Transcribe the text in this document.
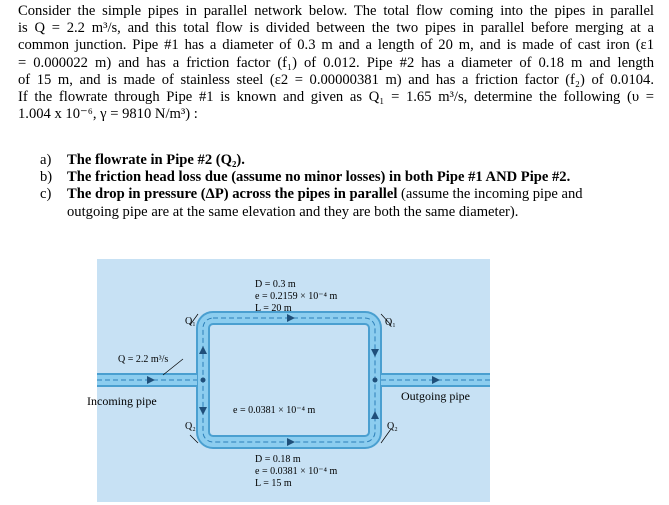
Consider the simple pipes in parallel network below. The total flow coming into the pipes in parallel
is Q = 2.2 m³/s, and this total flow is divided between the two pipes in parallel before merging at a
common junction. Pipe #1 has a diameter of 0.3 m and a length of 20 m, and is made of cast iron (ε1
= 0.000022 m) and has a friction factor (f₁) of 0.012. Pipe #2 has a diameter of 0.18 m and length
of 15 m, and is made of stainless steel (ε2 = 0.00000381 m) and has a friction factor (f₂) of 0.0104.
If the flowrate through Pipe #1 is known and given as Q₁ = 1.65 m³/s, determine the following (υ =
1.004 x 10⁻⁶, γ = 9810 N/m³) :
a)	The flowrate in Pipe #2 (Q₂).
b)	The friction head loss due (assume no minor losses) in both Pipe #1 AND Pipe #2.
c)	The drop in pressure (ΔP) across the pipes in parallel (assume the incoming pipe and
outgoing pipe are at the same elevation and they are both the same diameter).
D = 0.3 m
e = 0.2159 × 10⁻⁴ m
L = 20 m
e = 0.0381 × 10⁻⁴ m
D = 0.18 m
e = 0.0381 × 10⁻⁴ m
L = 15 m
Q = 2.2 m³/s
Q₁	Q₁
Q₂	Q₂
Incoming pipe	Outgoing pipe
